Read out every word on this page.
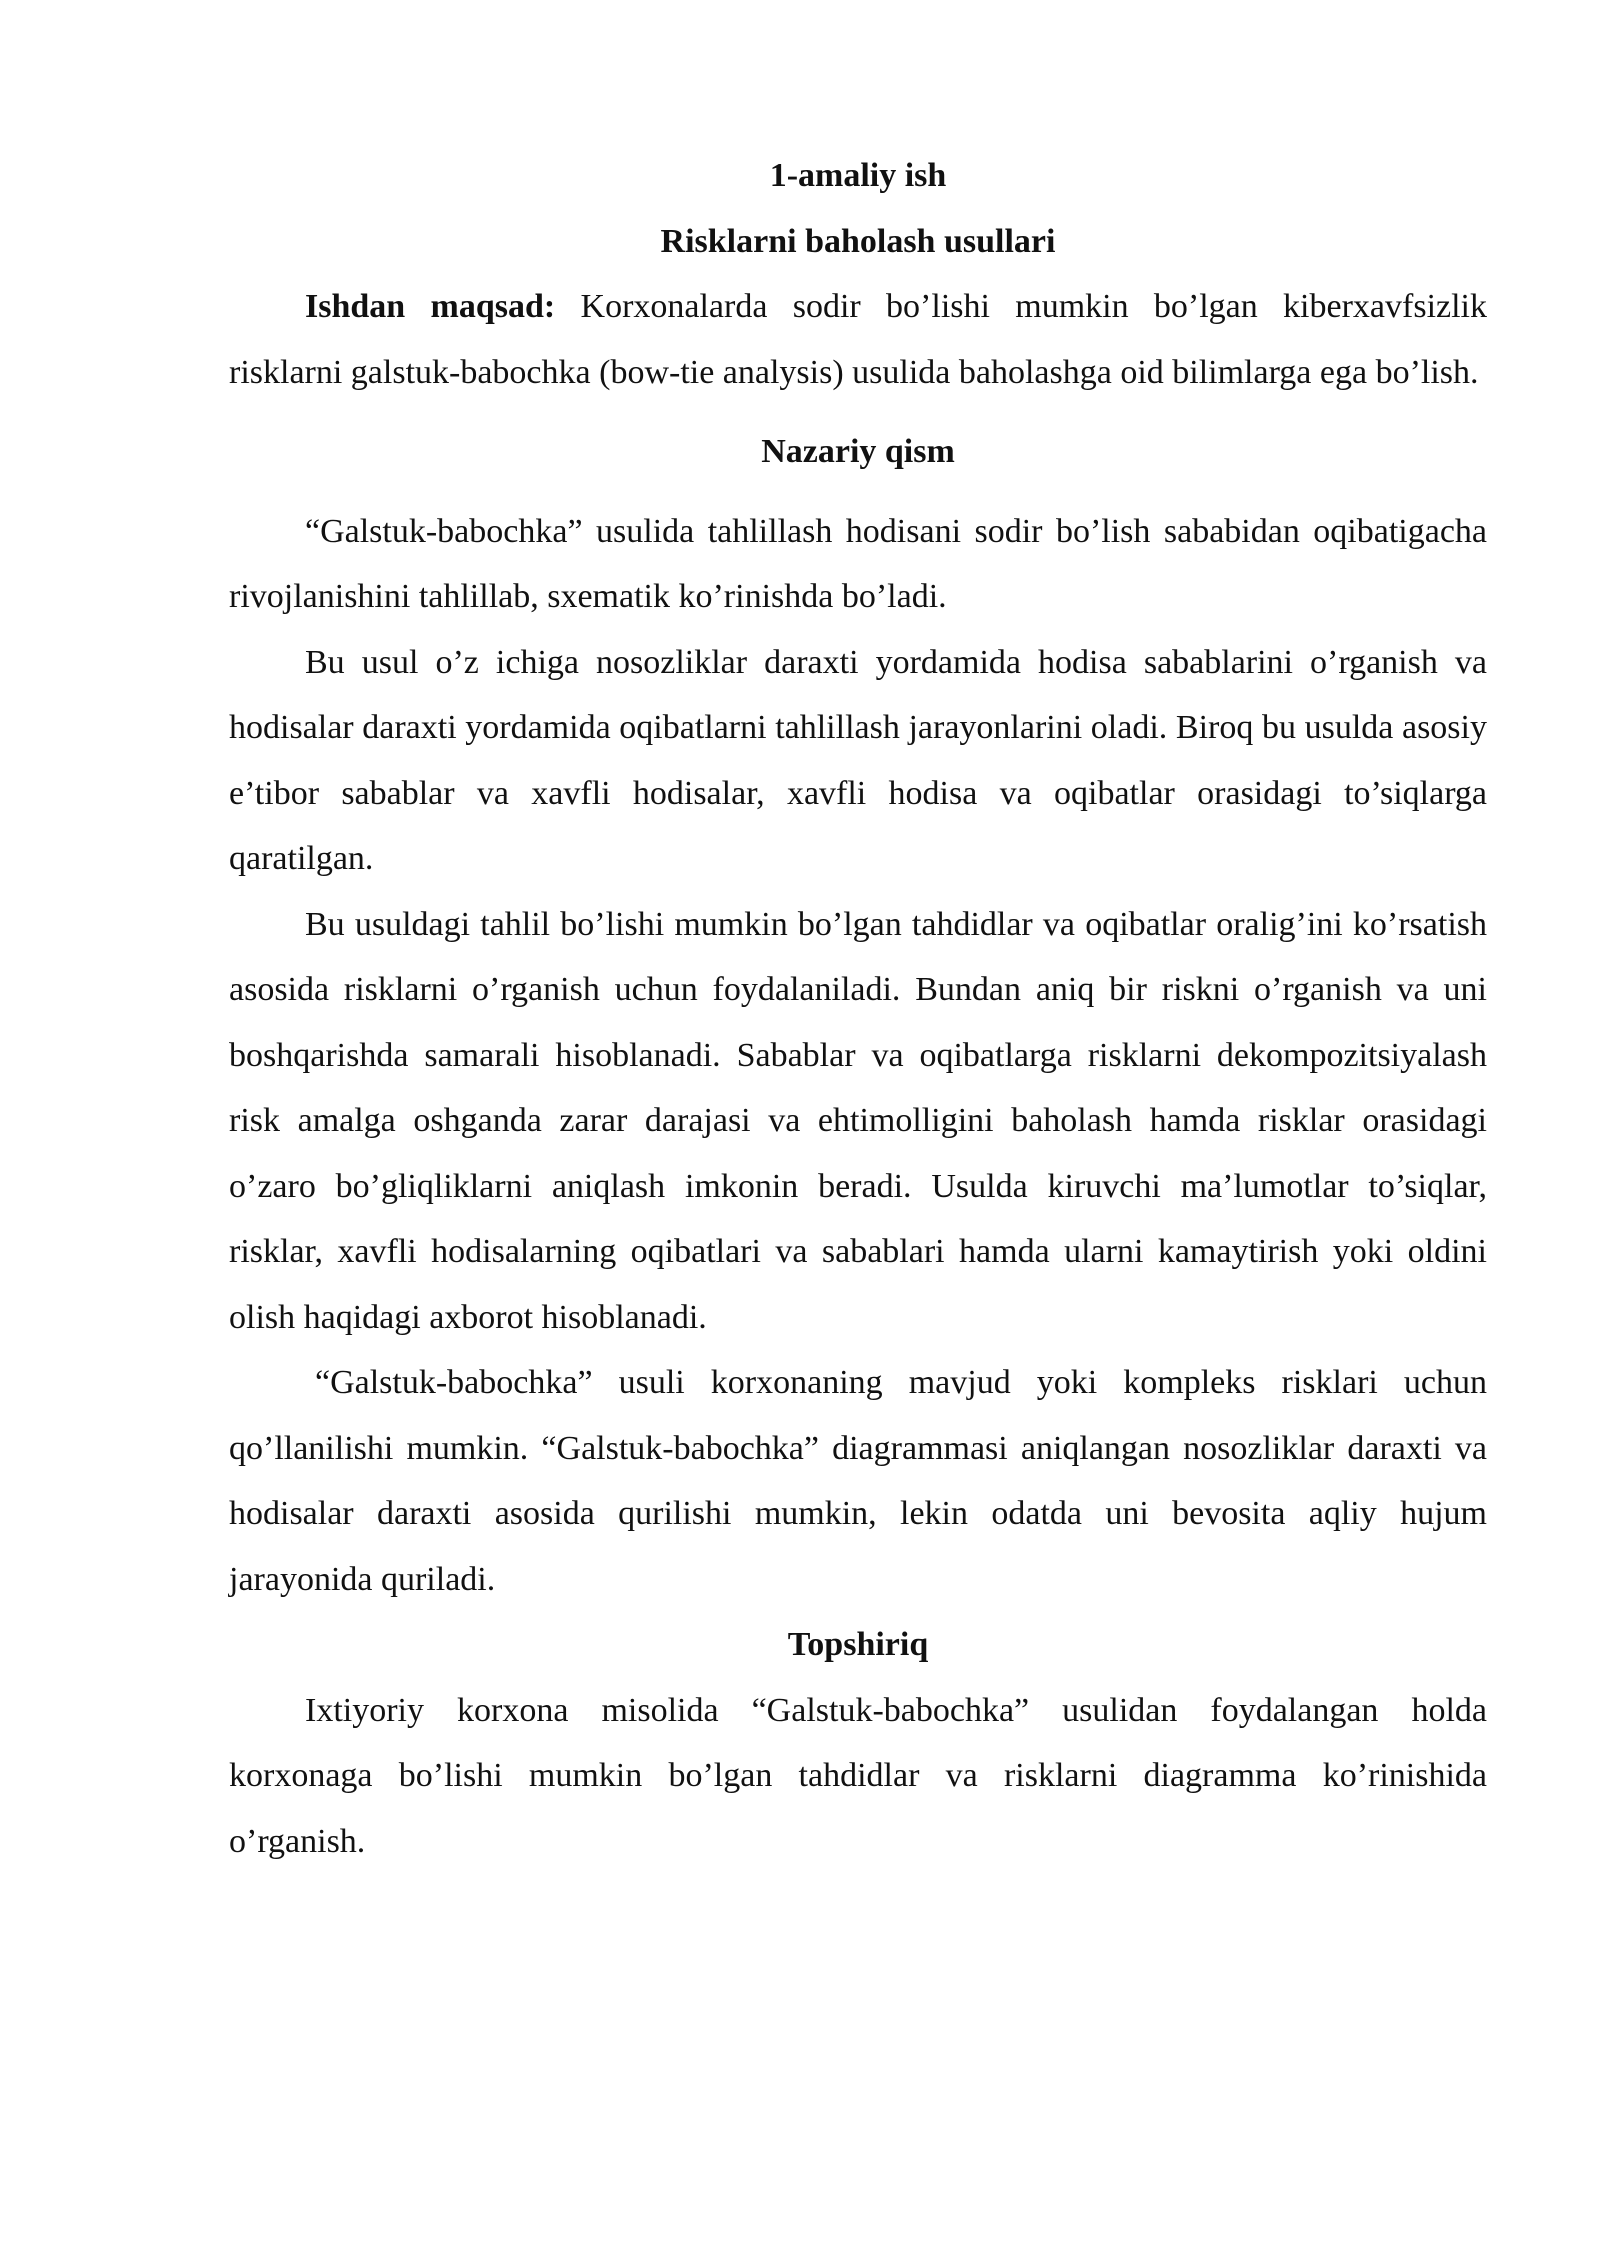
1-amaliy ish

Risklarni baholash usullari

Ishdan maqsad: Korxonalarda sodir bo’lishi mumkin bo’lgan kiberxavfsizlik risklarni galstuk-babochka (bow-tie analysis) usulida baholashga oid bilimlarga ega bo’lish.

Nazariy qism

“Galstuk-babochka” usulida tahlillash hodisani sodir bo’lish sababidan oqibatigacha rivojlanishini tahlillab, sxematik ko’rinishda bo’ladi.

Bu usul o’z ichiga nosozliklar daraxti yordamida hodisa sabablarini o’rganish va hodisalar daraxti yordamida oqibatlarni tahlillash jarayonlarini oladi. Biroq bu usulda asosiy e’tibor sabablar va xavfli hodisalar, xavfli hodisa va oqibatlar orasidagi to’siqlarga qaratilgan.

Bu usuldagi tahlil bo’lishi mumkin bo’lgan tahdidlar va oqibatlar oralig’ini ko’rsatish asosida risklarni o’rganish uchun foydalaniladi. Bundan aniq bir riskni o’rganish va uni boshqarishda samarali hisoblanadi. Sabablar va oqibatlarga risklarni dekompozitsiyalash risk amalga oshganda zarar darajasi va ehtimolligini baholash hamda risklar orasidagi o’zaro bo’gliqliklarni aniqlash imkonin beradi. Usulda kiruvchi ma’lumotlar to’siqlar, risklar, xavfli hodisalarning oqibatlari va sabablari hamda ularni kamaytirish yoki oldini olish haqidagi axborot hisoblanadi.

“Galstuk-babochka” usuli korxonaning mavjud yoki kompleks risklari uchun qo’llanilishi mumkin. “Galstuk-babochka” diagrammasi aniqlangan nosozliklar daraxti va hodisalar daraxti asosida qurilishi mumkin, lekin odatda uni bevosita aqliy hujum jarayonida quriladi.

Topshiriq

Ixtiyoriy korxona misolida “Galstuk-babochka” usulidan foydalangan holda korxonaga bo’lishi mumkin bo’lgan tahdidlar va risklarni diagramma ko’rinishida o’rganish.
